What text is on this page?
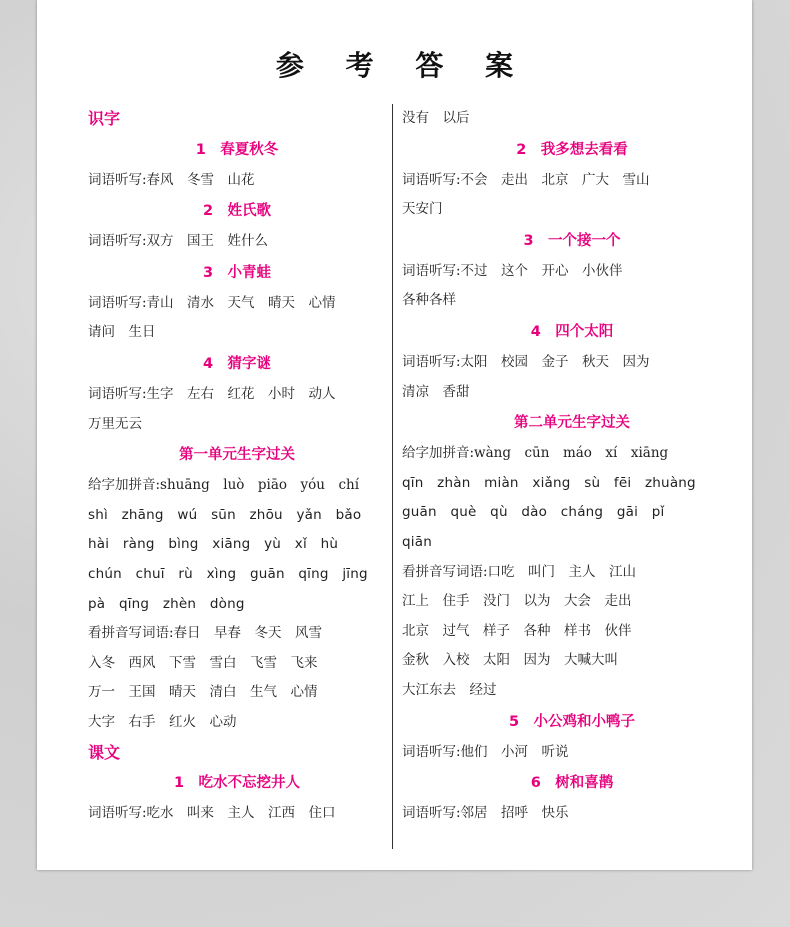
参 考 答 案
识字
1　春夏秋冬
词语听写:春风　冬雪　山花
2　姓氏歌
词语听写:双方　国王　姓什么
3　小青蛙
词语听写:青山　清水　天气　晴天　心情
请问　生日
4　猜字谜
词语听写:生字　左右　红花　小时　动人
万里无云
第一单元生字过关
给字加拼音:shuāng　luò　piāo　yóu　chí
shì　zhāng　wú　sūn　zhōu　yǎn　bǎo
hài　ràng　bìng　xiāng　yù　xǐ　hù
chún　chuī　rù　xìng　guān　qīng　jīng
pà　qīng　zhèn　dòng
看拼音写词语:春日　早春　冬天　风雪
入冬　西风　下雪　雪白　飞雪　飞来
万一　王国　晴天　清白　生气　心情
大字　右手　红火　心动
课文
1　吃水不忘挖井人
词语听写:吃水　叫来　主人　江西　住口
没有　以后
2　我多想去看看
词语听写:不会　走出　北京　广大　雪山
天安门
3　一个接一个
词语听写:不过　这个　开心　小伙伴
各种各样
4　四个太阳
词语听写:太阳　校园　金子　秋天　因为
清凉　香甜
第二单元生字过关
给字加拼音:wàng　cūn　máo　xí　xiāng
qīn　zhàn　miàn　xiǎng　sù　fēi　zhuàng
guān　què　qù　dào　cháng　gāi　pǐ
qiān
看拼音写词语:口吃　叫门　主人　江山
江上　住手　没门　以为　大会　走出
北京　过气　样子　各种　样书　伙伴
金秋　入校　太阳　因为　大喊大叫
大江东去　经过
5　小公鸡和小鸭子
词语听写:他们　小河　听说
6　树和喜鹊
词语听写:邻居　招呼　快乐
